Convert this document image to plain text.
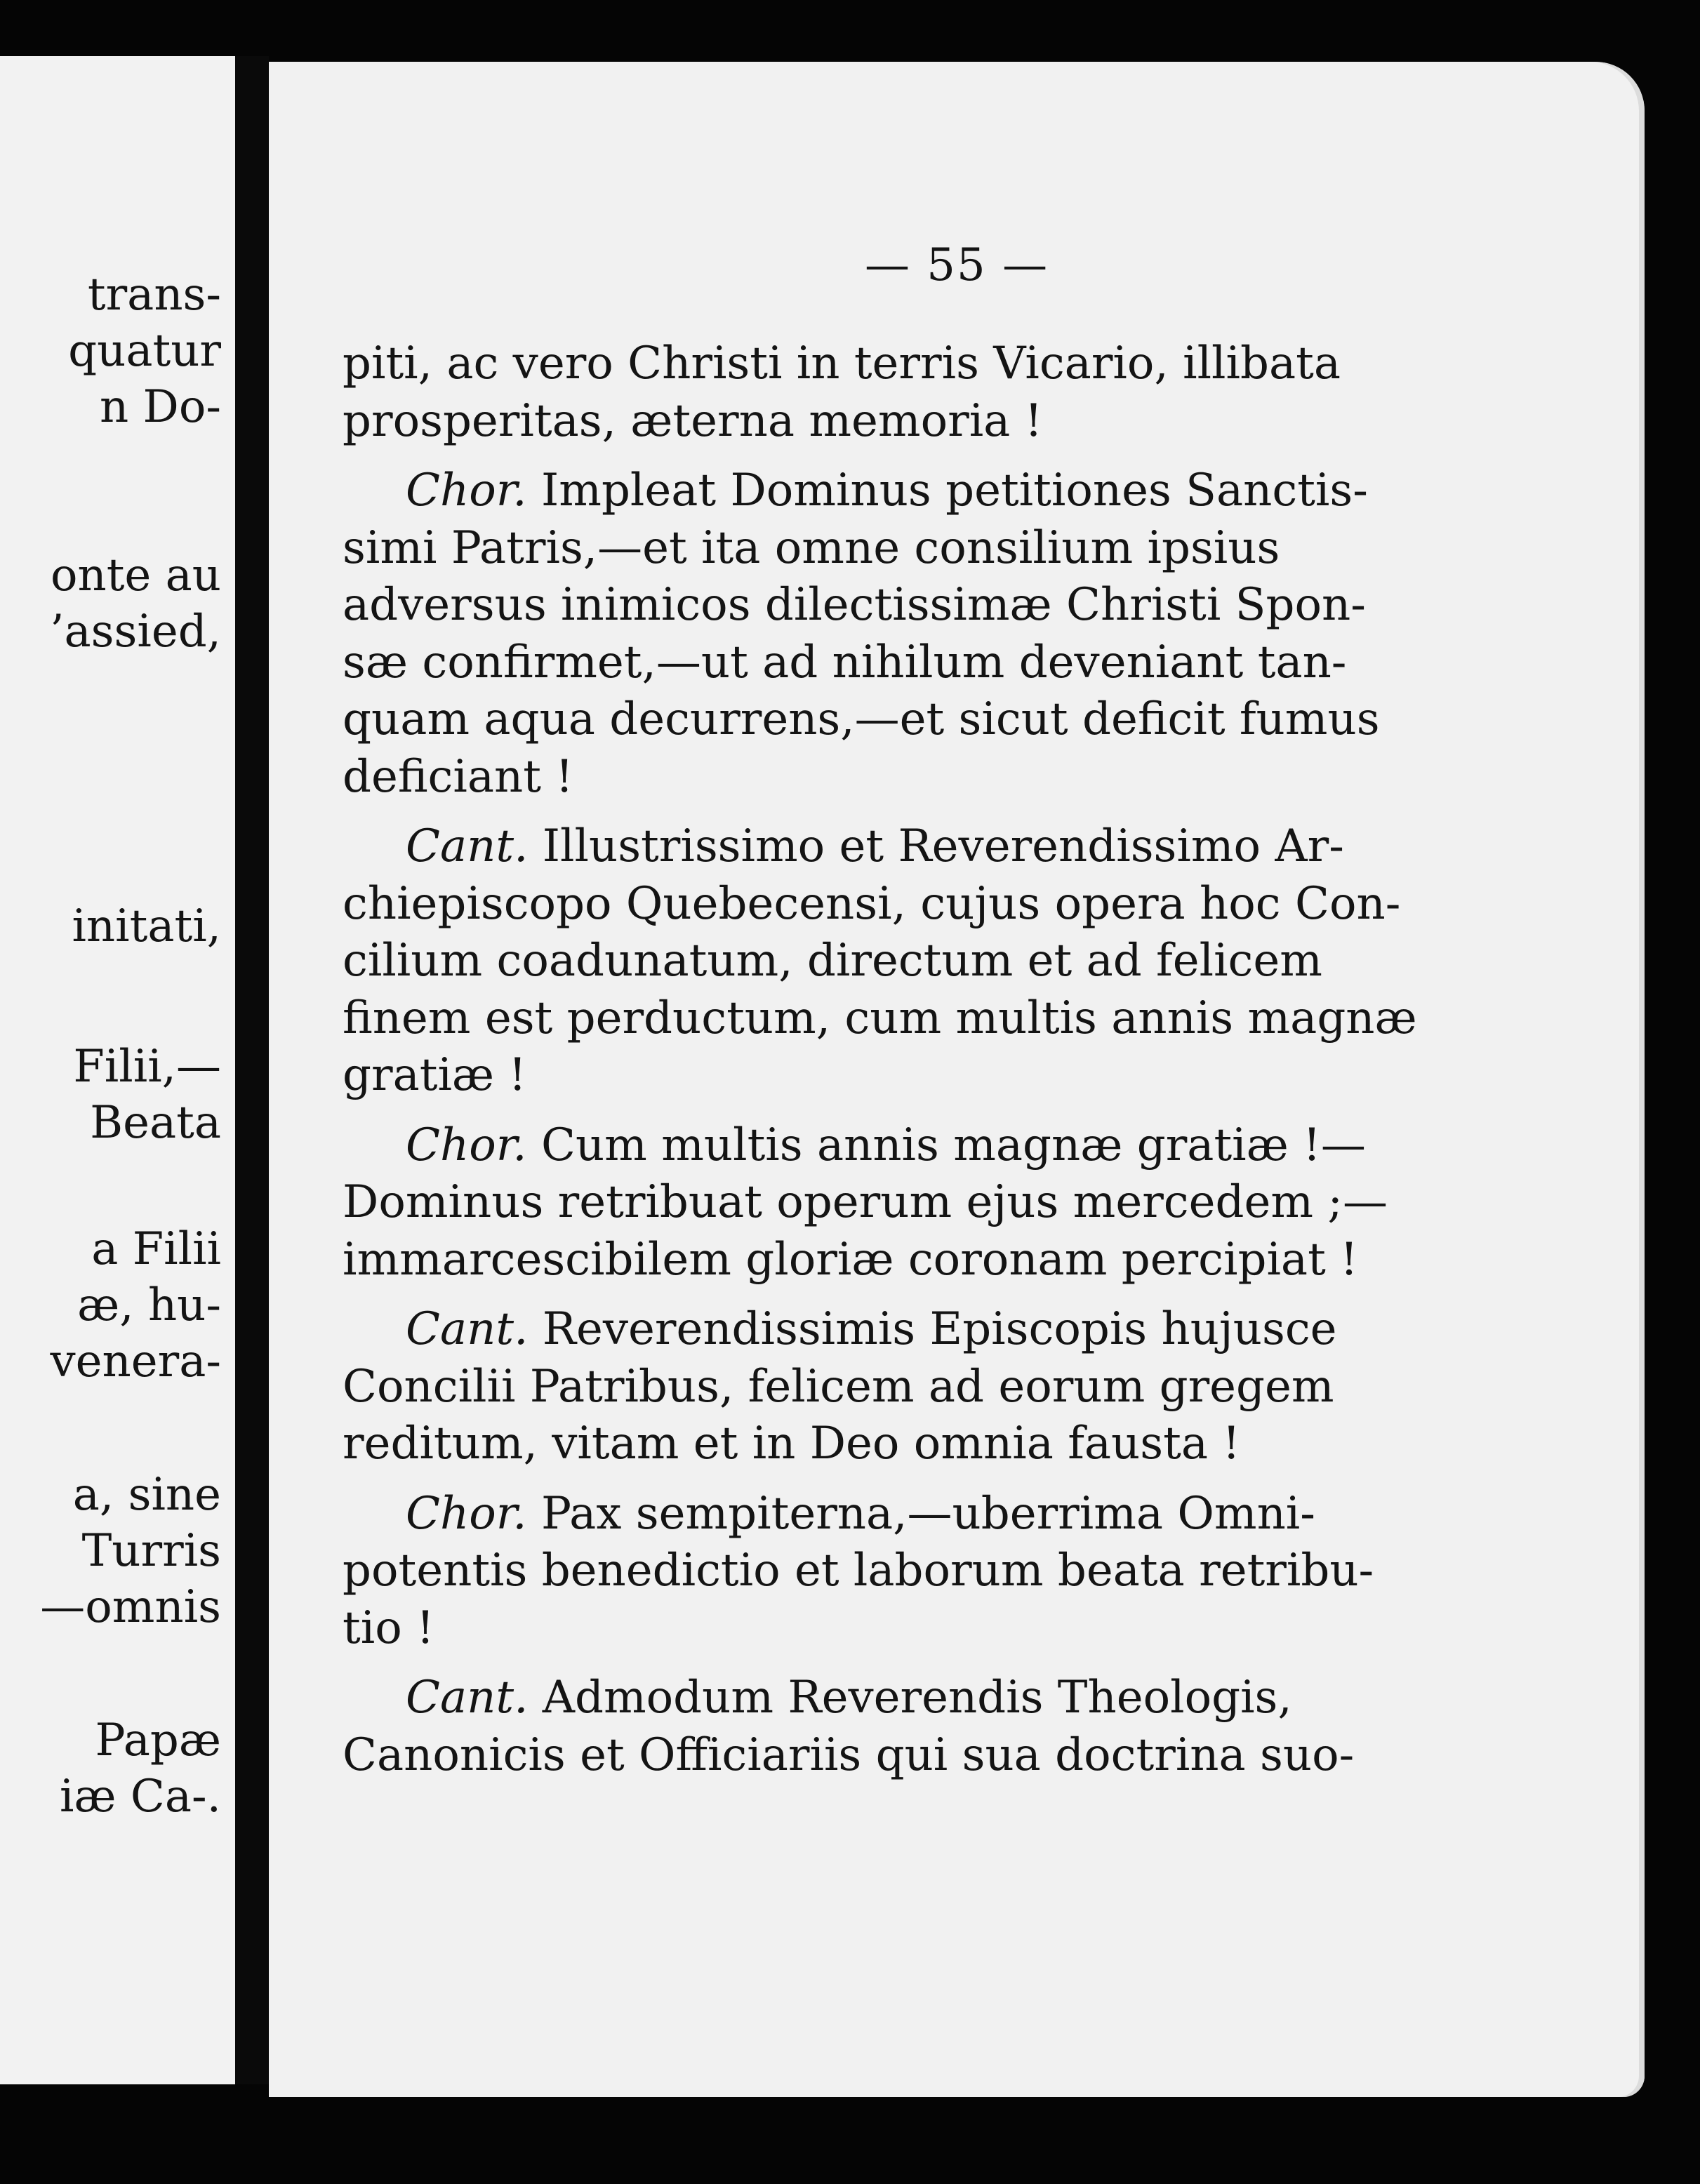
trans-
quatur
n Do-
onte au
’assied,
initati,
Filii,—
Beata
a Filii
æ, hu-
venera-
a, sine
Turris
—omnis
Papæ
iæ Ca-.
— 55 —
piti, ac vero Christi in terris Vicario, illibata
prosperitas, æterna memoria !
Chor. Impleat Dominus petitiones Sanctis-
simi Patris,—et ita omne consilium ipsius
adversus inimicos dilectissimæ Christi Spon-
sæ confirmet,—ut ad nihilum deveniant tan-
quam aqua decurrens,—et sicut deficit fumus
deficiant !
Cant. Illustrissimo et Reverendissimo Ar-
chiepiscopo Quebecensi, cujus opera hoc Con-
cilium coadunatum, directum et ad felicem
finem est perductum, cum multis annis magnæ
gratiæ !
Chor. Cum multis annis magnæ gratiæ !—
Dominus retribuat operum ejus mercedem ;—
immarcescibilem gloriæ coronam percipiat !
Cant. Reverendissimis Episcopis hujusce
Concilii Patribus, felicem ad eorum gregem
reditum, vitam et in Deo omnia fausta !
Chor. Pax sempiterna,—uberrima Omni-
potentis benedictio et laborum beata retribu-
tio !
Cant. Admodum Reverendis Theologis,
Canonicis et Officiariis qui sua doctrina suo-
